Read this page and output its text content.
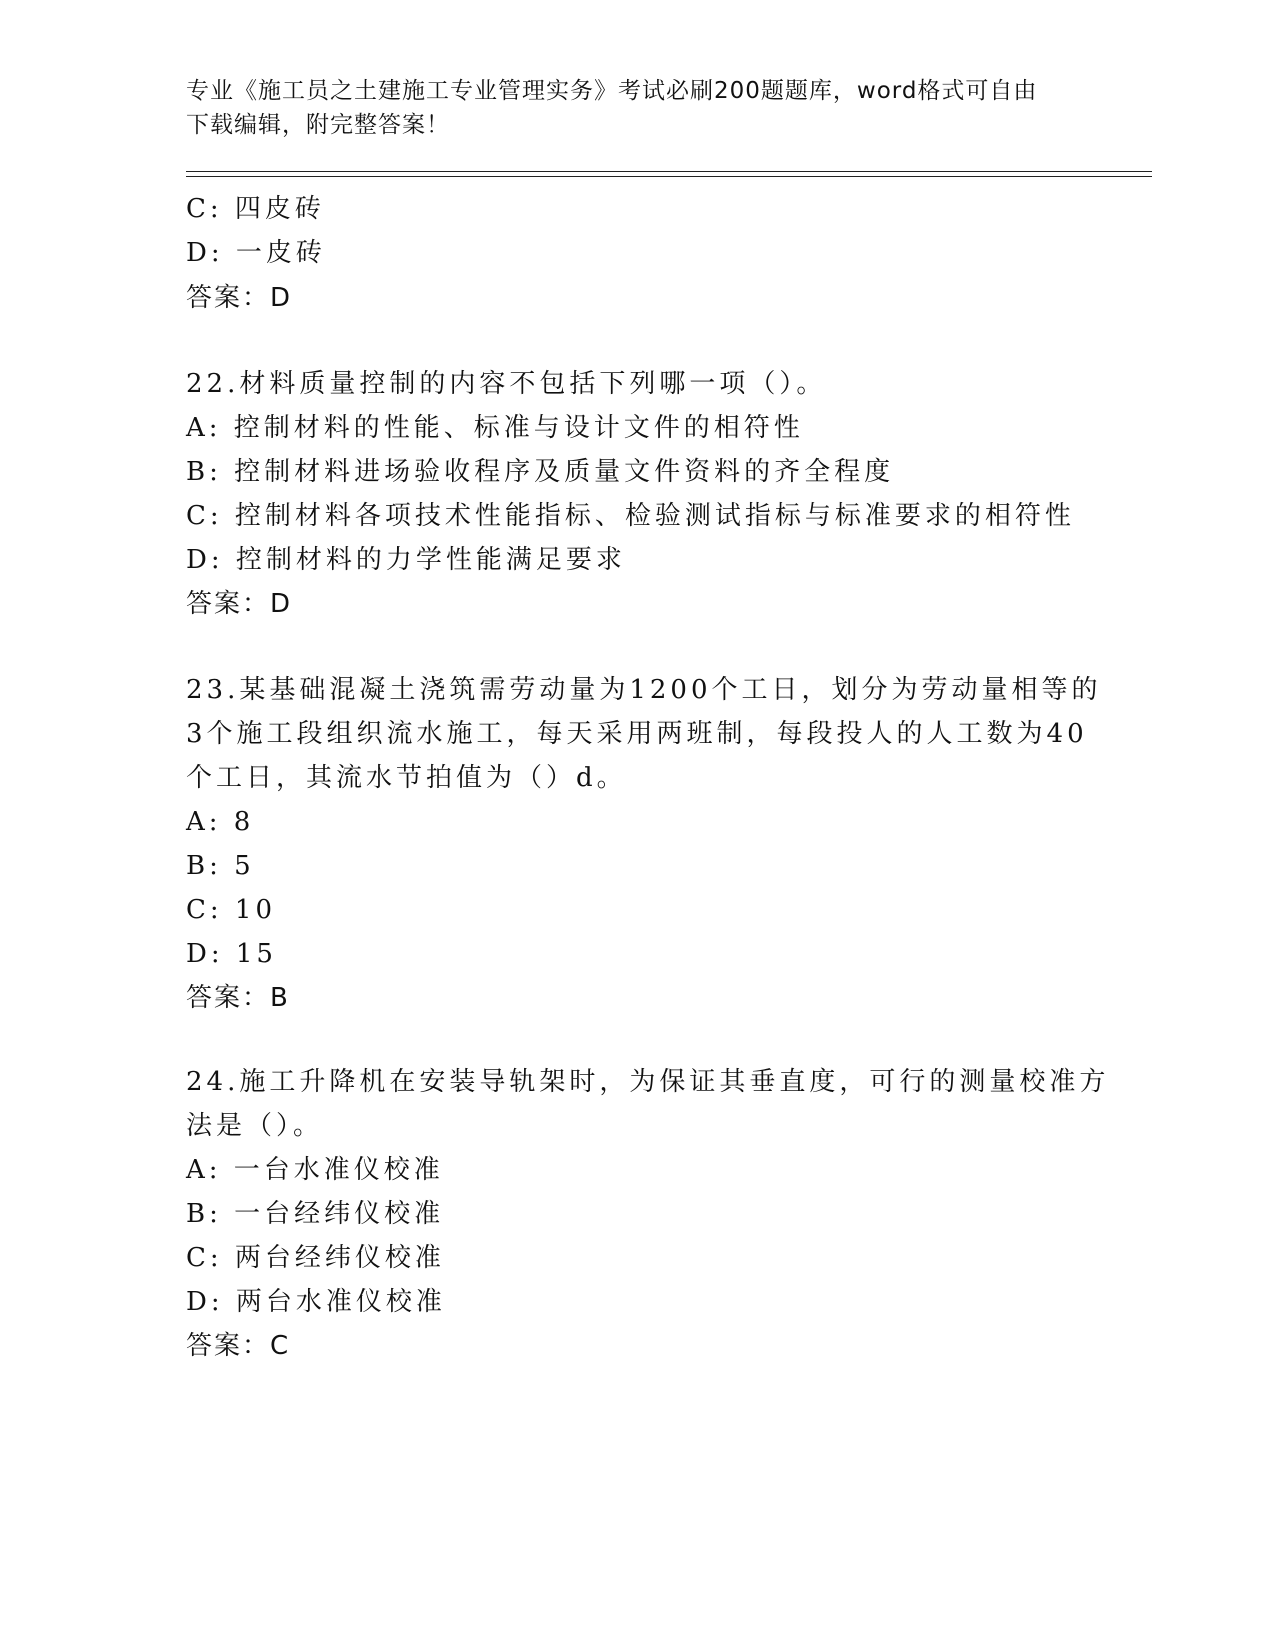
专业《施工员之土建施工专业管理实务》考试必刷200题题库，word格式可自由
下载编辑，附完整答案！
C: 四皮砖
D: 一皮砖
答案：D
22.材料质量控制的内容不包括下列哪一项（）。
A: 控制材料的性能、标准与设计文件的相符性
B: 控制材料进场验收程序及质量文件资料的齐全程度
C: 控制材料各项技术性能指标、检验测试指标与标准要求的相符性
D: 控制材料的力学性能满足要求
答案：D
23.某基础混凝土浇筑需劳动量为1200个工日，划分为劳动量相等的
3个施工段组织流水施工，每天采用两班制，每段投人的人工数为40
个工日，其流水节拍值为（）d。
A: 8
B: 5
C: 10
D: 15
答案：B
24.施工升降机在安装导轨架时，为保证其垂直度，可行的测量校准方
法是（）。
A: 一台水准仪校准
B: 一台经纬仪校准
C: 两台经纬仪校准
D: 两台水准仪校准
答案：C
